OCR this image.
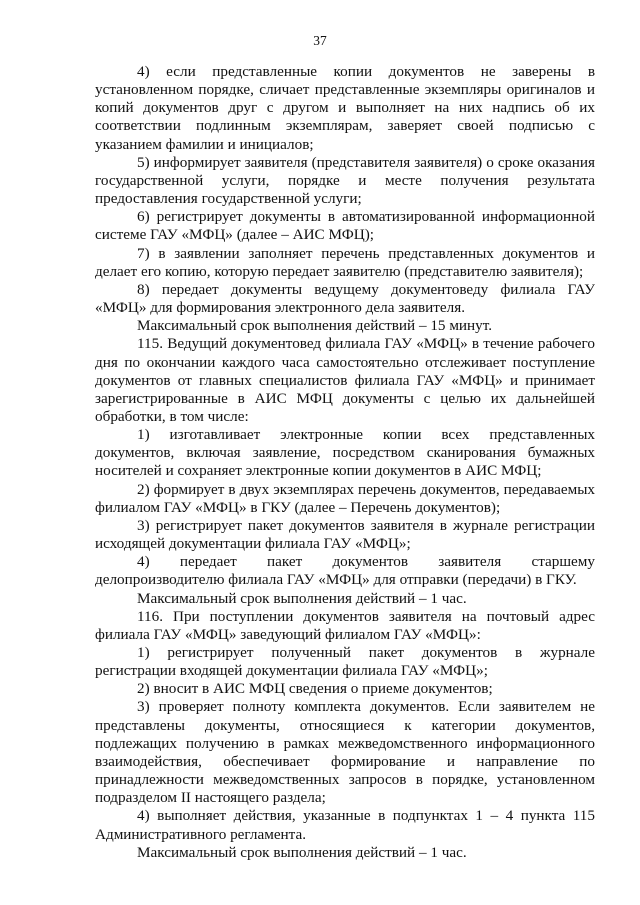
37

4) если представленные копии документов не заверены в установленном порядке, сличает представленные экземпляры оригиналов и копий документов друг с другом и выполняет на них надпись об их соответствии подлинным экземплярам, заверяет своей подписью с указанием фамилии и инициалов;

5) информирует заявителя (представителя заявителя) о сроке оказания государственной услуги, порядке и месте получения результата предоставления государственной услуги;

6) регистрирует документы в автоматизированной информационной системе ГАУ «МФЦ» (далее – АИС МФЦ);

7) в заявлении заполняет перечень представленных документов и делает его копию, которую передает заявителю (представителю заявителя);

8) передает документы ведущему документоведу филиала ГАУ «МФЦ» для формирования электронного дела заявителя.

Максимальный срок выполнения действий – 15 минут.

115. Ведущий документовед филиала ГАУ «МФЦ» в течение рабочего дня по окончании каждого часа самостоятельно отслеживает поступление документов от главных специалистов филиала ГАУ «МФЦ» и принимает зарегистрированные в АИС МФЦ документы с целью их дальнейшей обработки, в том числе:

1) изготавливает электронные копии всех представленных документов, включая заявление, посредством сканирования бумажных носителей и сохраняет электронные копии документов в АИС МФЦ;

2) формирует в двух экземплярах перечень документов, передаваемых филиалом ГАУ «МФЦ» в ГКУ (далее – Перечень документов);

3) регистрирует пакет документов заявителя в журнале регистрации исходящей документации филиала ГАУ «МФЦ»;

4) передает пакет документов заявителя старшему делопроизводителю филиала ГАУ «МФЦ» для отправки (передачи) в ГКУ.

Максимальный срок выполнения действий – 1 час.

116. При поступлении документов заявителя на почтовый адрес филиала ГАУ «МФЦ» заведующий филиалом ГАУ «МФЦ»:

1) регистрирует полученный пакет документов в журнале регистрации входящей документации филиала ГАУ «МФЦ»;

2) вносит в АИС МФЦ сведения о приеме документов;

3) проверяет полноту комплекта документов. Если заявителем не представлены документы, относящиеся к категории документов, подлежащих получению в рамках межведомственного информационного взаимодействия, обеспечивает формирование и направление по принадлежности межведомственных запросов в порядке, установленном подразделом II настоящего раздела;

4) выполняет действия, указанные в подпунктах 1 – 4 пункта 115 Административного регламента.

Максимальный срок выполнения действий – 1 час.
